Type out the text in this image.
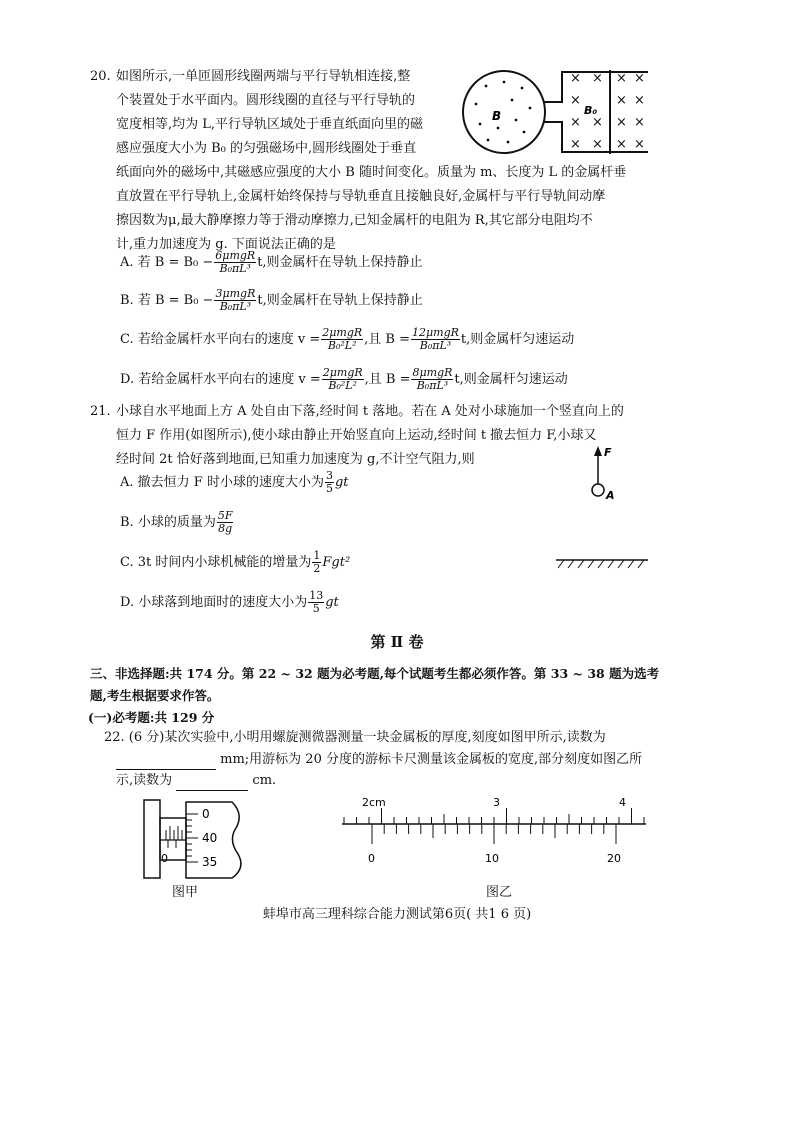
20. 如图所示,一单匝圆形线圈两端与平行导轨相连接,整
个装置处于水平面内。圆形线圈的直径与平行导轨的
宽度相等,均为 L,平行导轨区域处于垂直纸面向里的磁
感应强度大小为 B₀ 的匀强磁场中,圆形线圈处于垂直
纸面向外的磁场中,其磁感应强度的大小 B 随时间变化。质量为 m、长度为 L 的金属杆垂
直放置在平行导轨上,金属杆始终保持与导轨垂直且接触良好,金属杆与平行导轨间动摩
擦因数为μ,最大静摩擦力等于滑动摩擦力,已知金属杆的电阻为 R,其它部分电阻均不
计,重力加速度为 g. 下面说法正确的是
B	B₀
× × × ×
×	× ×
× × × ×
× × × ×
A. 若 $B = B_0 - \frac{\text{6μmgR}}{\text{B₀πL³}} t$,则金属杆在导轨上保持静止
B. 若 $B = B_0 - \frac{\text{3μmgR}}{\text{B₀πL³}} t$,则金属杆在导轨上保持静止
C. 若给金属杆水平向右的速度 $v = \frac{\text{2μmgR}}{\text{B₀²L²}}$ ,且 $B = \frac{\text{12μmgR}}{\text{B₀πL³}} t$,则金属杆匀速运动
D. 若给金属杆水平向右的速度 $v = \frac{\text{2μmgR}}{\text{B₀²L²}}$ ,且 $B = \frac{\text{8μmgR}}{\text{B₀πL³}} t$,则金属杆匀速运动
21. 小球自水平地面上方 A 处自由下落,经时间 t 落地。若在 A 处对小球施加一个竖直向上的
恒力 F 作用(如图所示),使小球由静止开始竖直向上运动,经时间 t 撤去恒力 F,小球又
经时间 2t 恰好落到地面,已知重力加速度为 g,不计空气阻力,则	F
A
A. 撤去恒力 F 时小球的速度大小为 $\frac{3}{5}$ gt
B. 小球的质量为 $\frac{5F}{8g}$
C. 3t 时间内小球机械能的增量为 $\frac{1}{2} Fgt^2$
D. 小球落到地面时的速度大小为 $\frac{13}{5}$ gt
第 Ⅱ 卷
三、非选择题:共 174 分。第 22 ~ 32 题为必考题,每个试题考生都必须作答。第 33 ~ 38 题为选考
题,考生根据要求作答。
(一)必考题:共 129 分
22. (6 分)某次实验中,小明用螺旋测微器测量一块金属板的厚度,刻度如图甲所示,读数为
mm;用游标为 20 分度的游标卡尺测量该金属板的宽度,部分刻度如图乙所
示,读数为	cm.
0
0
40
35
图甲
2cm	3	4
0	10	20
图乙
蚌埠市高三理科综合能力测试第6页( 共1 6 页)
